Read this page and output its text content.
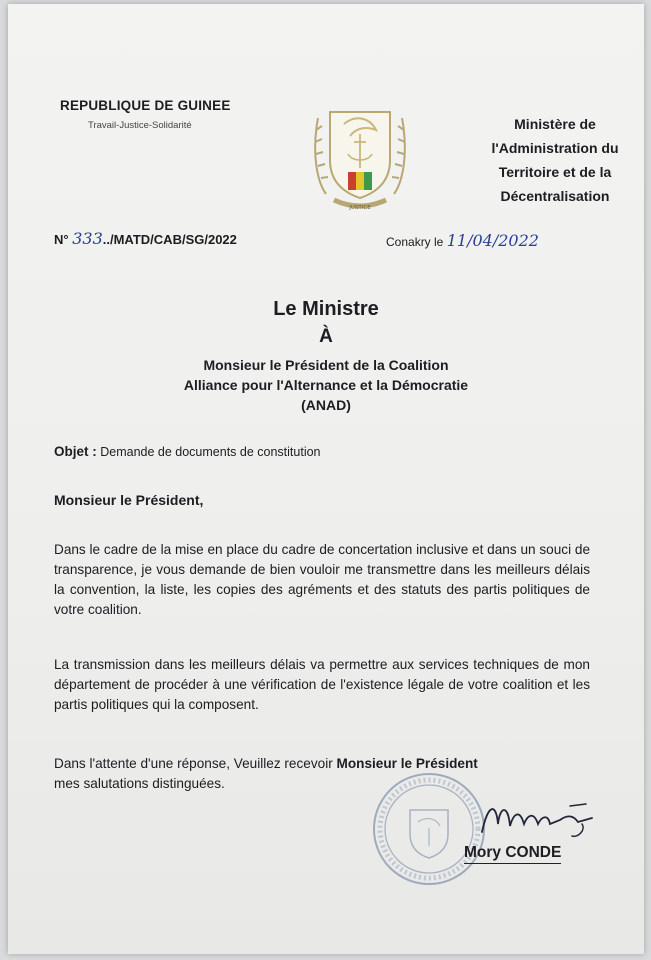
REPUBLIQUE DE GUINEE
Travail-Justice-Solidarité
JUSTICE
Ministère de
l'Administration du
Territoire et de la
Décentralisation
N° 333../MATD/CAB/SG/2022	Conakry le 11/04/2022
Le Ministre
À
Monsieur le Président de la Coalition
Alliance pour l'Alternance et la Démocratie
(ANAD)
Objet : Demande de documents de constitution
Monsieur le Président,
Dans le cadre de la mise en place du cadre de concertation inclusive et dans un souci de transparence, je vous demande de bien vouloir me transmettre dans les meilleurs délais la convention, la liste, les copies des agréments et des statuts des partis politiques de votre coalition.
La transmission dans les meilleurs délais va permettre aux services techniques de mon département de procéder à une vérification de l'existence légale de votre coalition et les partis politiques qui la composent.
Dans l'attente d'une réponse, Veuillez recevoir Monsieur le Président
mes salutations distinguées.
Mory CONDE
